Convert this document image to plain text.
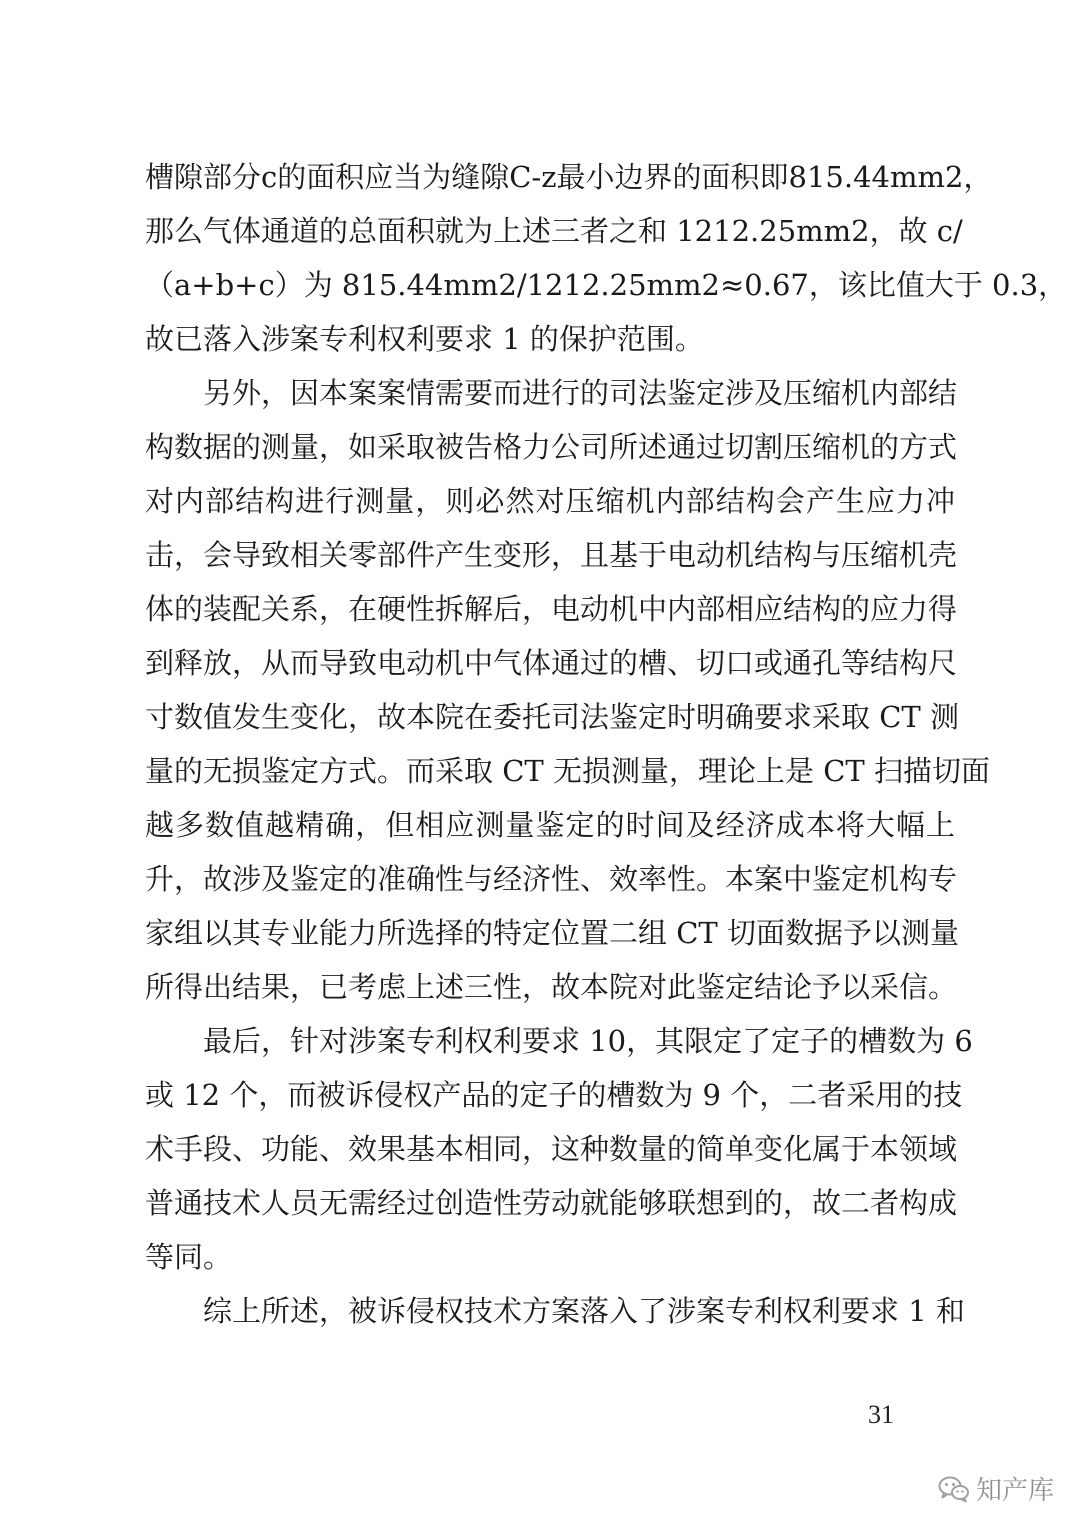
槽隙部分c的面积应当为缝隙C-z最小边界的面积即815.44mm2，
那么气体通道的总面积就为上述三者之和 1212.25mm2，故 c/
（a+b+c）为 815.44mm2/1212.25mm2≈0.67，该比值大于 0.3，
故已落入涉案专利权利要求 1 的保护范围。
另外，因本案案情需要而进行的司法鉴定涉及压缩机内部结
构数据的测量，如采取被告格力公司所述通过切割压缩机的方式
对内部结构进行测量，则必然对压缩机内部结构会产生应力冲
击，会导致相关零部件产生变形，且基于电动机结构与压缩机壳
体的装配关系，在硬性拆解后，电动机中内部相应结构的应力得
到释放，从而导致电动机中气体通过的槽、切口或通孔等结构尺
寸数值发生变化，故本院在委托司法鉴定时明确要求采取 CT 测
量的无损鉴定方式。而采取 CT 无损测量，理论上是 CT 扫描切面
越多数值越精确，但相应测量鉴定的时间及经济成本将大幅上
升，故涉及鉴定的准确性与经济性、效率性。本案中鉴定机构专
家组以其专业能力所选择的特定位置二组 CT 切面数据予以测量
所得出结果，已考虑上述三性，故本院对此鉴定结论予以采信。
最后，针对涉案专利权利要求 10，其限定了定子的槽数为 6
或 12 个，而被诉侵权产品的定子的槽数为 9 个，二者采用的技
术手段、功能、效果基本相同，这种数量的简单变化属于本领域
普通技术人员无需经过创造性劳动就能够联想到的，故二者构成
等同。
综上所述，被诉侵权技术方案落入了涉案专利权利要求 1 和
31
知产库
